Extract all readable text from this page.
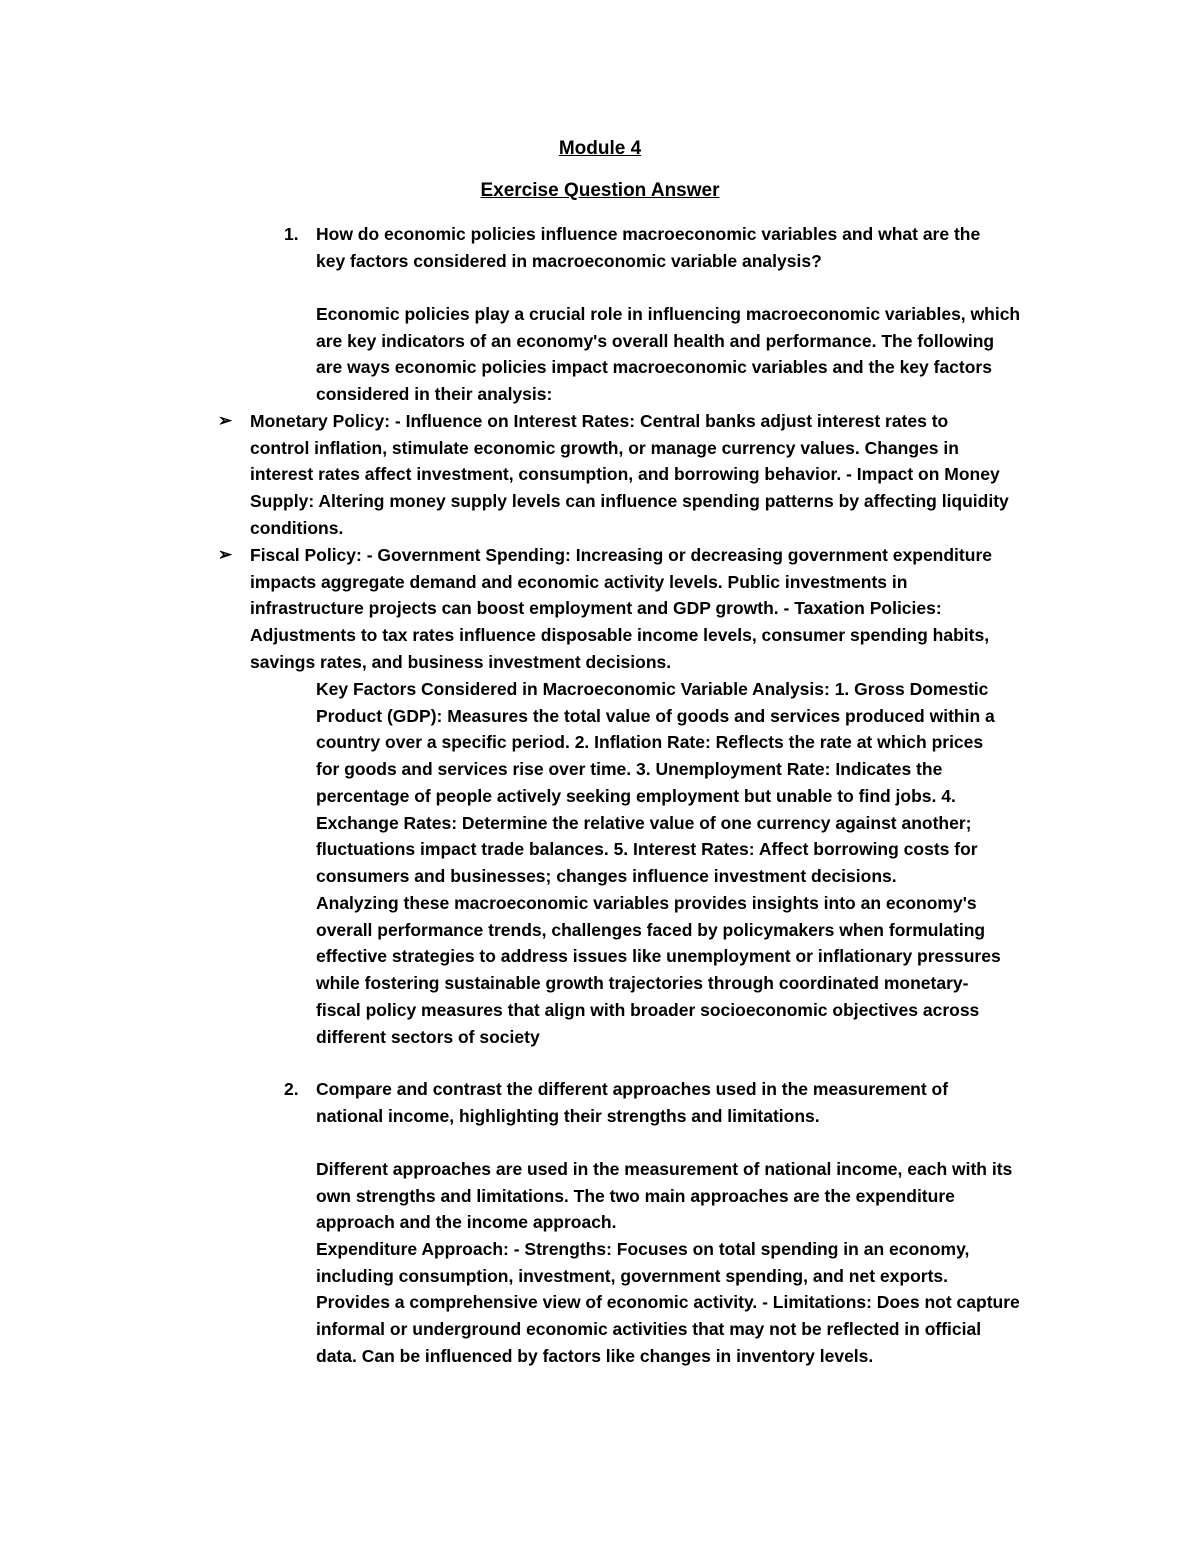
Module 4
Exercise Question Answer
1. How do economic policies influence macroeconomic variables and what are the key factors considered in macroeconomic variable analysis?

Economic policies play a crucial role in influencing macroeconomic variables, which are key indicators of an economy's overall health and performance. The following are ways economic policies impact macroeconomic variables and the key factors considered in their analysis:

➢ Monetary Policy: - Influence on Interest Rates: Central banks adjust interest rates to control inflation, stimulate economic growth, or manage currency values. Changes in interest rates affect investment, consumption, and borrowing behavior. - Impact on Money Supply: Altering money supply levels can influence spending patterns by affecting liquidity conditions.

➢ Fiscal Policy: - Government Spending: Increasing or decreasing government expenditure impacts aggregate demand and economic activity levels. Public investments in infrastructure projects can boost employment and GDP growth. - Taxation Policies: Adjustments to tax rates influence disposable income levels, consumer spending habits, savings rates, and business investment decisions.

Key Factors Considered in Macroeconomic Variable Analysis: 1. Gross Domestic Product (GDP): Measures the total value of goods and services produced within a country over a specific period. 2. Inflation Rate: Reflects the rate at which prices for goods and services rise over time. 3. Unemployment Rate: Indicates the percentage of people actively seeking employment but unable to find jobs. 4. Exchange Rates: Determine the relative value of one currency against another; fluctuations impact trade balances. 5. Interest Rates: Affect borrowing costs for consumers and businesses; changes influence investment decisions.

Analyzing these macroeconomic variables provides insights into an economy's overall performance trends, challenges faced by policymakers when formulating effective strategies to address issues like unemployment or inflationary pressures while fostering sustainable growth trajectories through coordinated monetary-fiscal policy measures that align with broader socioeconomic objectives across different sectors of society

2. Compare and contrast the different approaches used in the measurement of national income, highlighting their strengths and limitations.

Different approaches are used in the measurement of national income, each with its own strengths and limitations. The two main approaches are the expenditure approach and the income approach.

Expenditure Approach: - Strengths: Focuses on total spending in an economy, including consumption, investment, government spending, and net exports. Provides a comprehensive view of economic activity. - Limitations: Does not capture informal or underground economic activities that may not be reflected in official data. Can be influenced by factors like changes in inventory levels.
